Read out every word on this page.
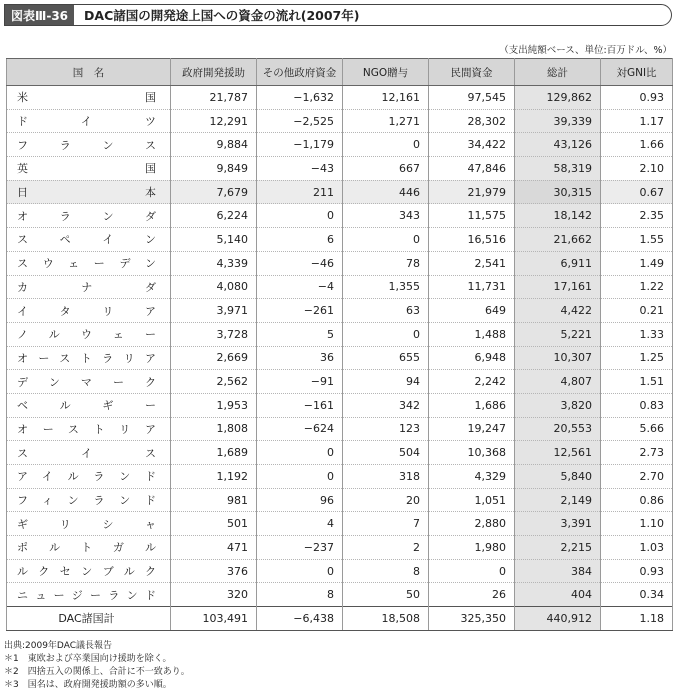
図表Ⅲ-36	DAC諸国の開発途上国への資金の流れ(2007年)
（支出純額ベース、単位:百万ドル、%）
国　名	政府開発援助	その他政府資金	NGO贈与	民間資金	総計	対GNI比
米国	21,787	−1,632	12,161	97,545	129,862	0.93
ドイツ	12,291	−2,525	1,271	28,302	39,339	1.17
フランス	9,884	−1,179	0	34,422	43,126	1.66
英国	9,849	−43	667	47,846	58,319	2.10
日本	7,679	211	446	21,979	30,315	0.67
オランダ	6,224	0	343	11,575	18,142	2.35
スペイン	5,140	6	0	16,516	21,662	1.55
スウェーデン	4,339	−46	78	2,541	6,911	1.49
カナダ	4,080	−4	1,355	11,731	17,161	1.22
イタリア	3,971	−261	63	649	4,422	0.21
ノルウェー	3,728	5	0	1,488	5,221	1.33
オーストラリア	2,669	36	655	6,948	10,307	1.25
デンマーク	2,562	−91	94	2,242	4,807	1.51
ベルギー	1,953	−161	342	1,686	3,820	0.83
オーストリア	1,808	−624	123	19,247	20,553	5.66
スイス	1,689	0	504	10,368	12,561	2.73
アイルランド	1,192	0	318	4,329	5,840	2.70
フィンランド	981	96	20	1,051	2,149	0.86
ギリシャ	501	4	7	2,880	3,391	1.10
ポルトガル	471	−237	2	1,980	2,215	1.03
ルクセンブルク	376	0	8	0	384	0.93
ニュージーランド	320	8	50	26	404	0.34
DAC諸国計	103,491	−6,438	18,508	325,350	440,912	1.18
出典:2009年DAC議長報告
＊1　東欧および卒業国向け援助を除く。
＊2　四捨五入の関係上、合計に不一致あり。
＊3　国名は、政府開発援助額の多い順。
